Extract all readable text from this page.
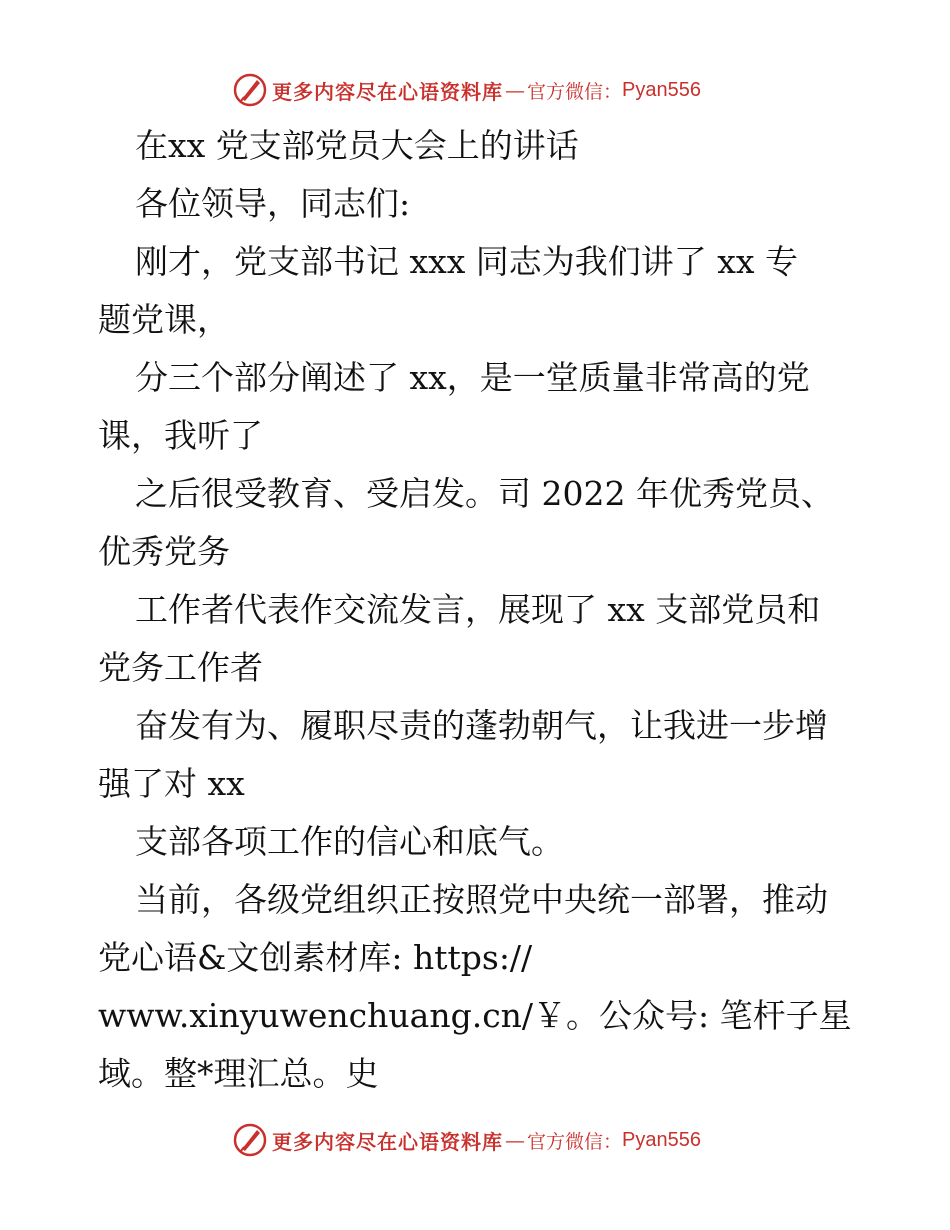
更多内容尽在心语资料库 — 官方微信： Pyan556
在xx 党支部党员大会上的讲话
各位领导，同志们:
刚才，党支部书记 xxx 同志为我们讲了 xx 专
题党课，
分三个部分阐述了 xx，是一堂质量非常高的党
课，我听了
之后很受教育、受启发。司 2022 年优秀党员、
优秀党务
工作者代表作交流发言，展现了 xx 支部党员和
党务工作者
奋发有为、履职尽责的蓬勃朝气，让我进一步增
强了对 xx
支部各项工作的信心和底气。
当前，各级党组织正按照党中央统一部署，推动
党心语&文创素材库: https://
www.xinyuwenchuang.cn/￥。公众号: 笔杆子星
域。整*理汇总。史
更多内容尽在心语资料库 — 官方微信： Pyan556
